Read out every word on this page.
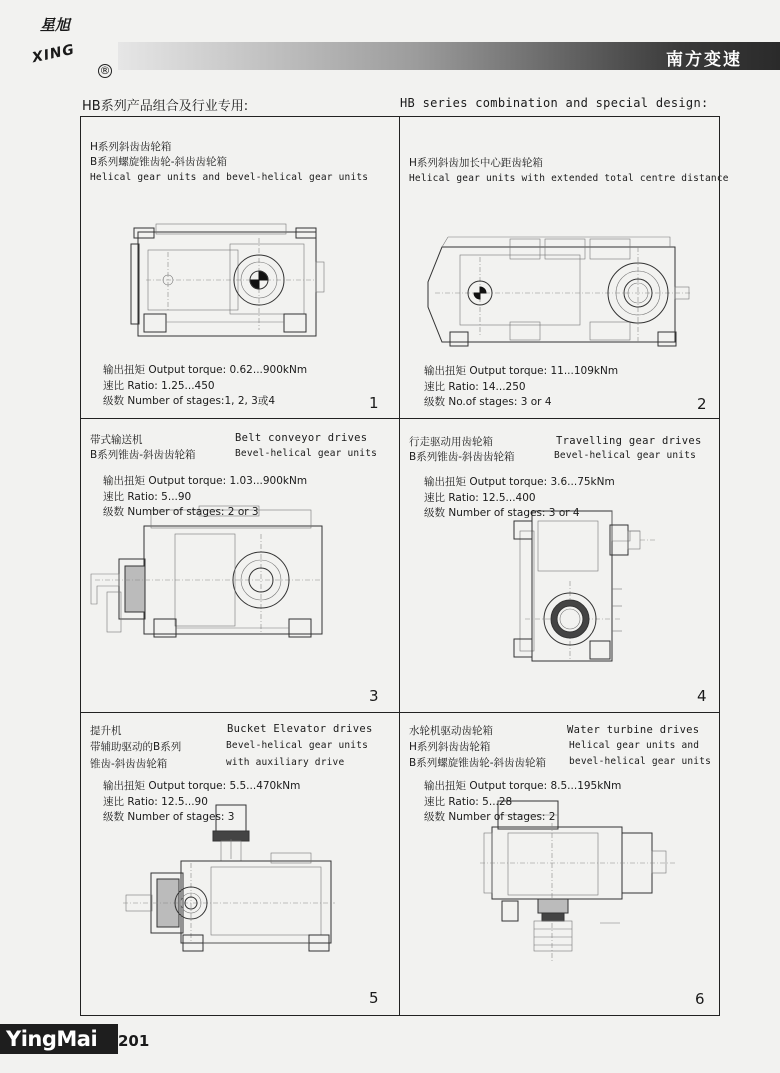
星旭
XING
®
南方变速
HB系列产品组合及行业专用:	HB series combination and special design:
H系列斜齿齿轮箱
B系列螺旋锥齿轮-斜齿齿轮箱
Helical gear units and bevel-helical gear units
输出扭矩 Output torque: 0.62...900kNm
速比 Ratio: 1.25...450
级数 Number of stages:1, 2, 3或4	1
H系列斜齿加长中心距齿轮箱
Helical gear units with extended total centre distance
输出扭矩 Output torque: 11...109kNm
速比 Ratio: 14...250
级数 No.of stages: 3 or 4	2
带式输送机	Belt conveyor drives
B系列锥齿-斜齿齿轮箱	Bevel-helical gear units
输出扭矩 Output torque: 1.03...900kNm
速比 Ratio: 5...90
级数 Number of stages: 2 or 3
3
行走驱动用齿轮箱	Travelling gear drives
B系列锥齿-斜齿齿轮箱	Bevel-helical gear units
输出扭矩 Output torque: 3.6...75kNm
速比 Ratio: 12.5...400
级数 Number of stages: 3 or 4
4
提升机	Bucket Elevator drives
带辅助驱动的B系列	Bevel-helical gear units
锥齿-斜齿齿轮箱	with auxiliary drive
输出扭矩 Output torque: 5.5...470kNm
速比 Ratio: 12.5...90
级数 Number of stages: 3
5
水轮机驱动齿轮箱	Water turbine drives
H系列斜齿齿轮箱	Helical gear units and
B系列螺旋锥齿轮-斜齿齿轮箱 bevel-helical gear units
输出扭矩 Output torque: 8.5...195kNm
速比 Ratio: 5...28
级数 Number of stages: 2
6
YingMai	201
